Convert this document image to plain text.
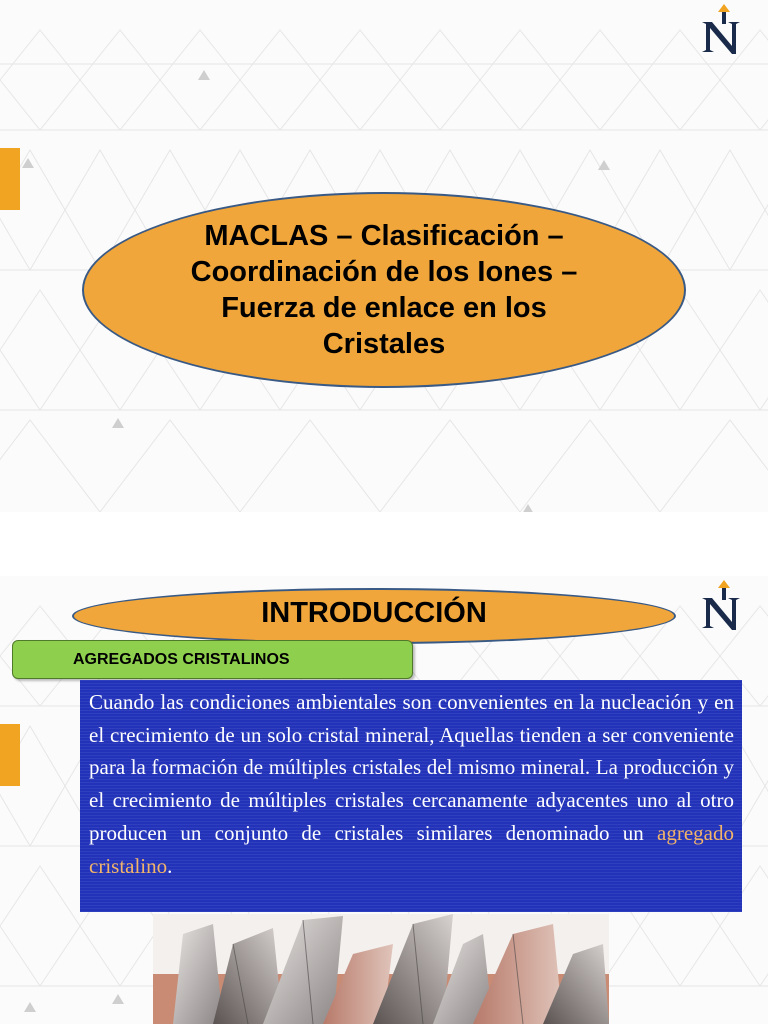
MACLAS – Clasificación – Coordinación de los Iones – Fuerza de enlace en los Cristales
INTRODUCCIÓN
AGREGADOS CRISTALINOS

Cuando las condiciones ambientales son convenientes en la nucleación y en el crecimiento de un solo cristal mineral, Aquellas tienden a ser conveniente para la formación de múltiples cristales del mismo mineral. La producción y el crecimiento de múltiples cristales cercanamente adyacentes uno al otro producen un conjunto de cristales similares denominado un agregado cristalino.
